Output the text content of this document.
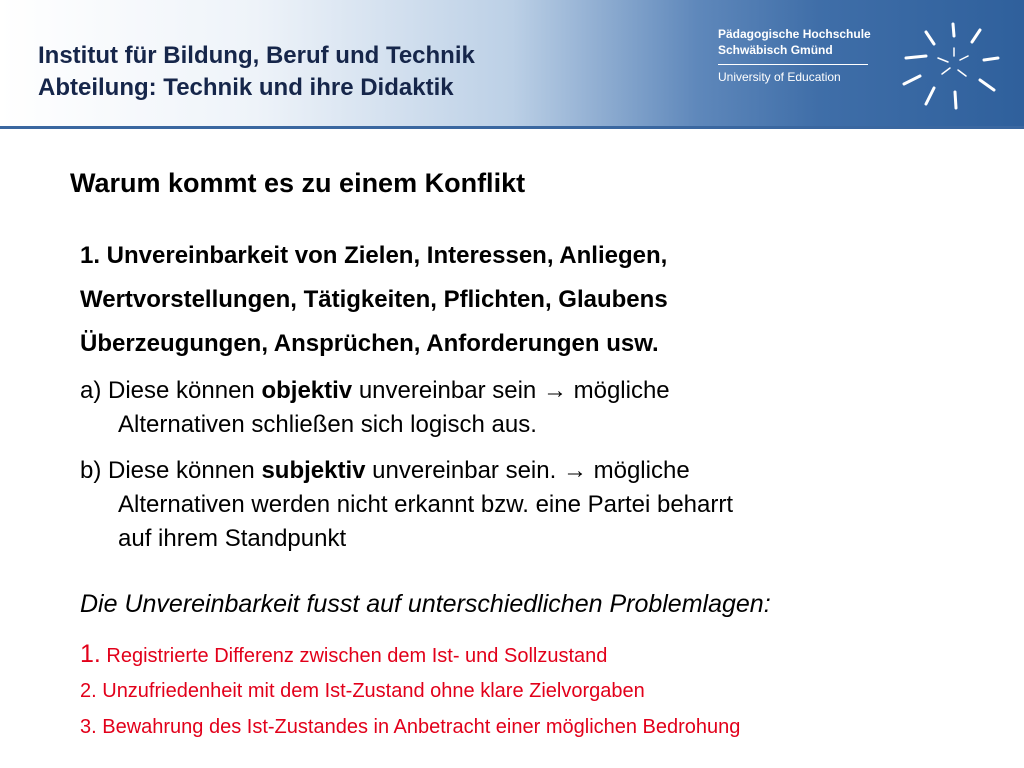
Institut für Bildung, Beruf und Technik
Abteilung: Technik und ihre Didaktik
Pädagogische Hochschule
Schwäbisch Gmünd
University of Education
Warum kommt es zu einem Konflikt
1. Unvereinbarkeit von Zielen, Interessen, Anliegen,
Wertvorstellungen, Tätigkeiten, Pflichten, Glaubens
Überzeugungen, Ansprüchen, Anforderungen usw.
a) Diese können objektiv unvereinbar sein → mögliche
Alternativen schließen sich logisch aus.
b) Diese können subjektiv unvereinbar sein. → mögliche
Alternativen werden nicht erkannt bzw. eine Partei beharrt
auf ihrem Standpunkt
Die Unvereinbarkeit fusst auf unterschiedlichen Problemlagen:
1. Registrierte Differenz zwischen dem Ist- und Sollzustand
2. Unzufriedenheit mit dem Ist-Zustand ohne klare Zielvorgaben
3. Bewahrung des Ist-Zustandes in Anbetracht einer möglichen Bedrohung
